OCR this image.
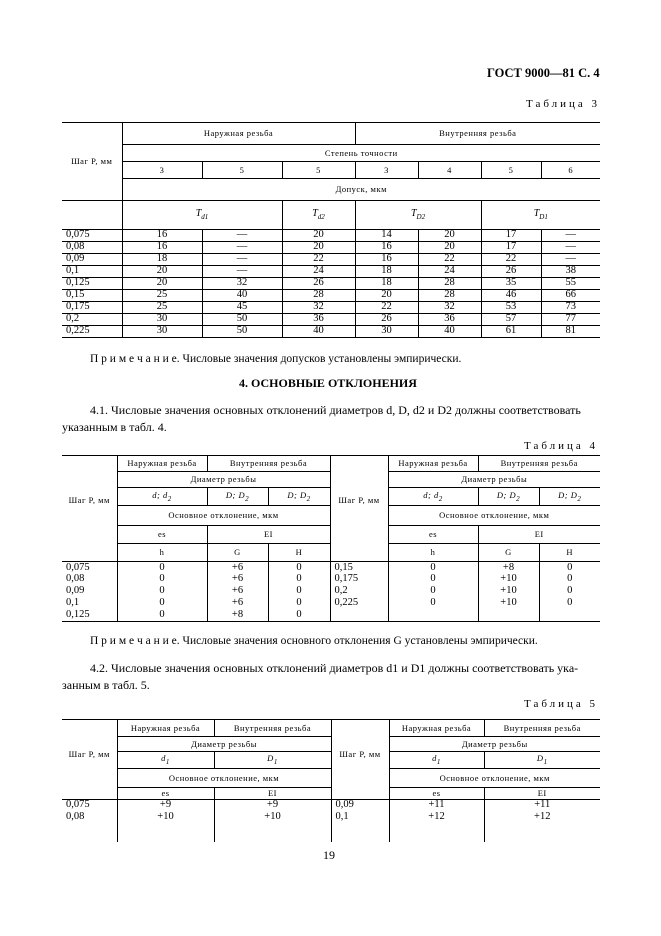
ГОСТ 9000—81 С. 4
Таблица 3
Шаг P, мм	Наружная резьба			Внутренняя резьба			
	Степень точности						
	3	5	5	3	4	5	6
	Допуск, мкм						
	$T_{d1}$		$T_{d2}$	$T_{D2}$		$T_{D1}$
0,075	16	—	20	14	20	17	—
0,08	16	—	20	16	20	17	—
0,09	18	—	22	16	22	22	—
0,1	20	—	24	18	24	26	38
0,125	20	32	26	18	28	35	55
0,15	25	40	28	20	28	46	66
0,175	25	45	32	22	32	53	73
0,2	30	50	36	26	36	57	77
0,225	30	50	40	30	40	61	81
П р и м е ч а н и е. Числовые значения допусков установлены эмпирически.
4. ОСНОВНЫЕ ОТКЛОНЕНИЯ
4.1. Числовые значения основных отклонений диаметров d, D, d2 и D2 должны соответствовать
указанным в табл. 4.
Таблица 4
Шаг P, мм	Наружная резьба	Внутренняя резьба		Шаг P, мм	Наружная резьба	Внутренняя резьба	
	Диаметр резьбы				Диаметр резьбы		
	d; $d_2$	D; $D_2$	D; $D_2$		d; $d_2$	D; $D_2$	D; $D_2$
	Основное отклонение, мкм				Основное отклонение, мкм		
	es	EI			es	EI	
	h	G	H		h	G	H
0,075	0	+6	0	0,15	0	+8	0
0,08	0	+6	0	0,175	0	+10	0
0,09	0	+6	0	0,2	0	+10	0
0,1	0	+6	0	0,225	0	+10	0
0,125	0	+8	0				
П р и м е ч а н и е. Числовые значения основного отклонения G установлены эмпирически.
4.2. Числовые значения основных отклонений диаметров d1 и D1 должны соответствовать ука-
занным в табл. 5.
Таблица 5
Шаг P, мм	Наружная резьба	Внутренняя резьба	Шаг P, мм	Наружная резьба	Внутренняя резьба
	Диаметр резьбы			Диаметр резьбы	
	$d_1$	$D_1$		$d_1$	$D_1$
	Основное отклонение, мкм			Основное отклонение, мкм	
	es	EI		es	EI
0,075	+9	+9	0,09	+11	+11
0,08	+10	+10	0,1	+12	+12
19
